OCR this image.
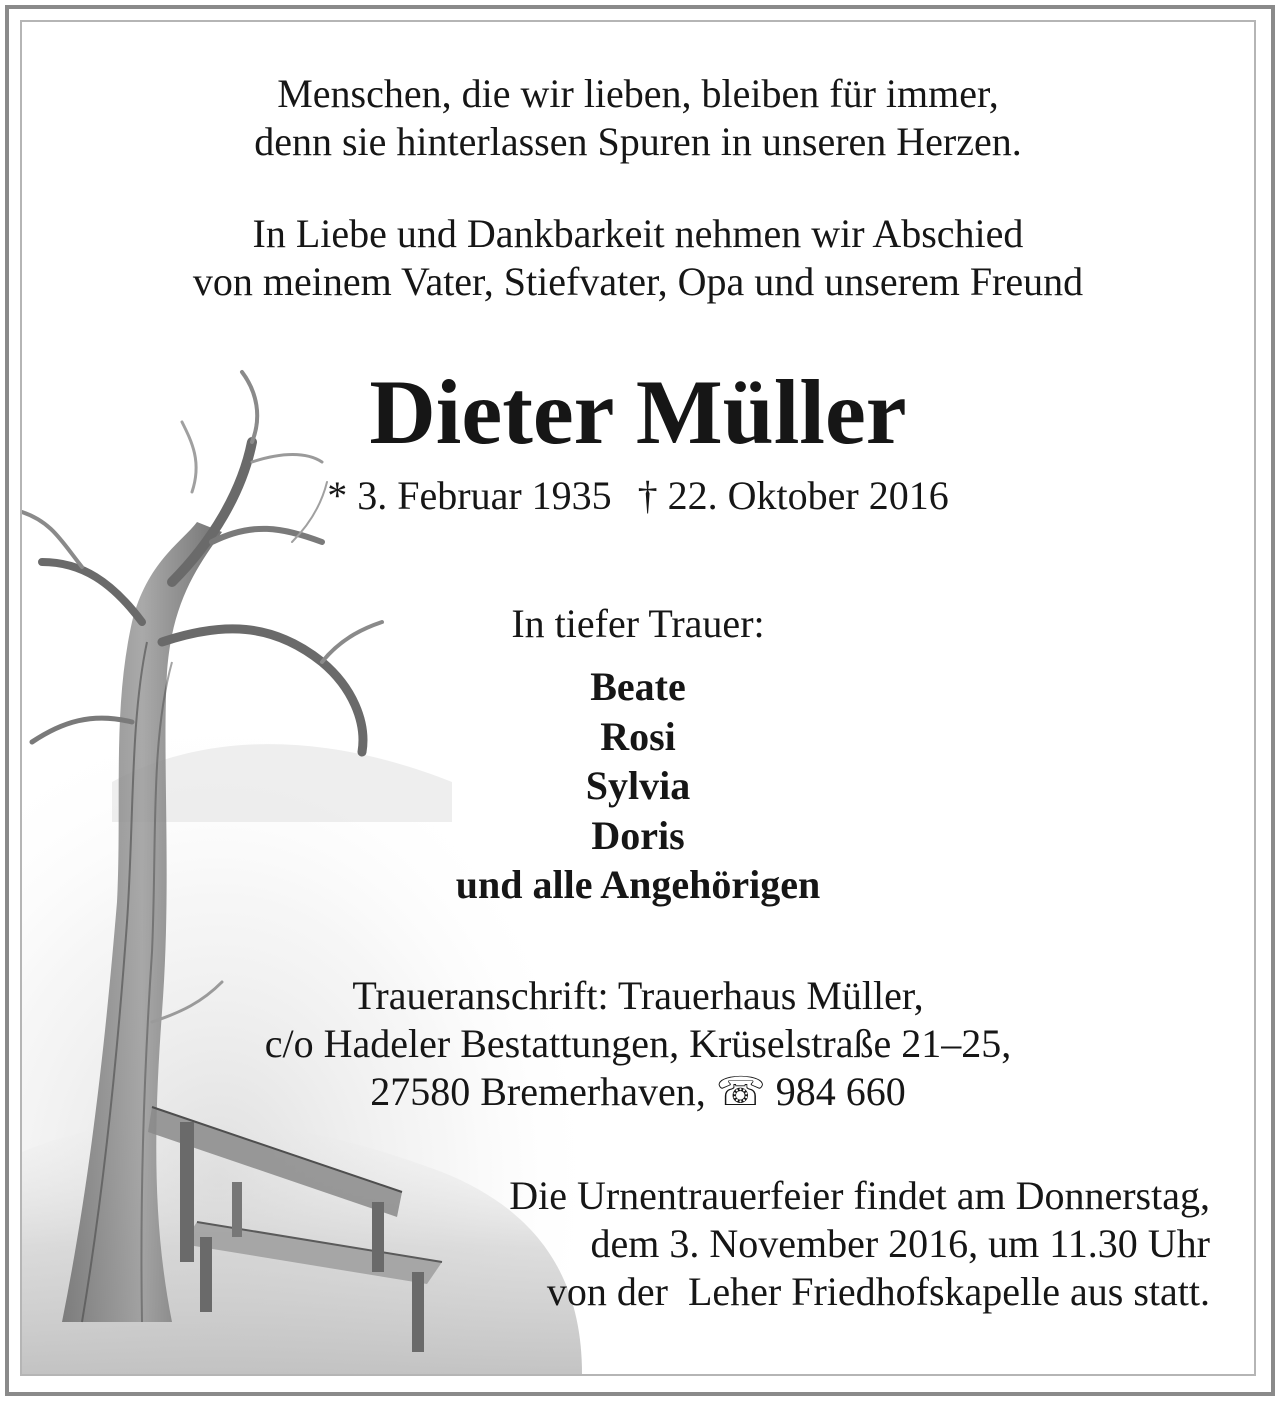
Menschen, die wir lieben, bleiben für immer,
denn sie hinterlassen Spuren in unseren Herzen.
In Liebe und Dankbarkeit nehmen wir Abschied
von meinem Vater, Stiefvater, Opa und unserem Freund
Dieter Müller
* 3. Februar 1935 † 22. Oktober 2016
In tiefer Trauer:
Beate
Rosi
Sylvia
Doris
und alle Angehörigen
Traueranschrift: Trauerhaus Müller,
c/o Hadeler Bestattungen, Krüselstraße 21–25,
27580 Bremerhaven, ☏ 984 660
Die Urnentrauerfeier findet am Donnerstag,
dem 3. November 2016, um 11.30 Uhr
von der  Leher Friedhofskapelle aus statt.
